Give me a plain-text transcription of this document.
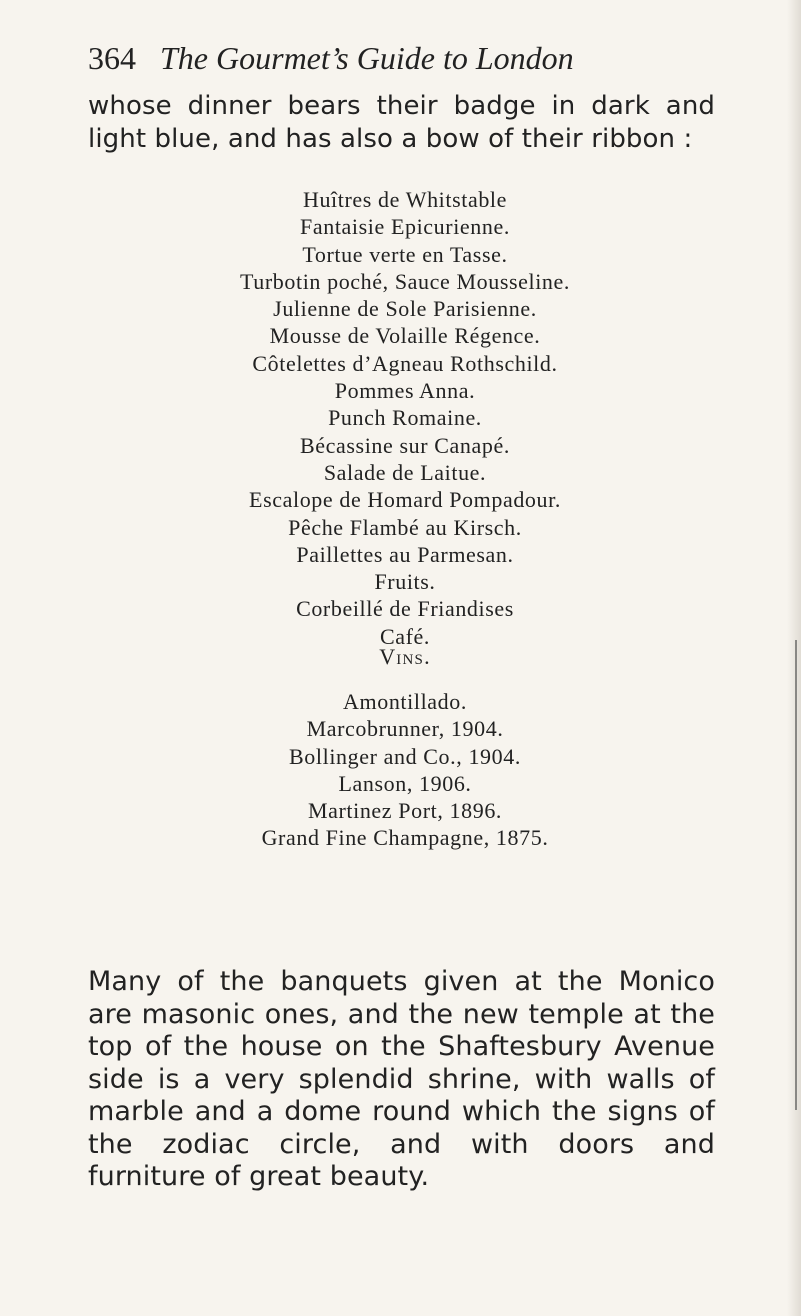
364 The Gourmet’s Guide to London

whose dinner bears their badge in dark and light blue, and has also a bow of their ribbon :

Huîtres de Whitstable
Fantaisie Epicurienne.
Tortue verte en Tasse.
Turbotin poché, Sauce Mousseline.
Julienne de Sole Parisienne.
Mousse de Volaille Régence.
Côtelettes d’Agneau Rothschild.
Pommes Anna.
Punch Romaine.
Bécassine sur Canapé.
Salade de Laitue.
Escalope de Homard Pompadour.
Pêche Flambé au Kirsch.
Paillettes au Parmesan.
Fruits.
Corbeillé de Friandises
Café.
Vins.
Amontillado.
Marcobrunner, 1904.
Bollinger and Co., 1904.
Lanson, 1906.
Martinez Port, 1896.
Grand Fine Champagne, 1875.

Many of the banquets given at the Monico are masonic ones, and the new temple at the top of the house on the Shaftesbury Avenue side is a very splendid shrine, with walls of marble and a dome round which the signs of the zodiac circle, and with doors and furniture of great beauty.
